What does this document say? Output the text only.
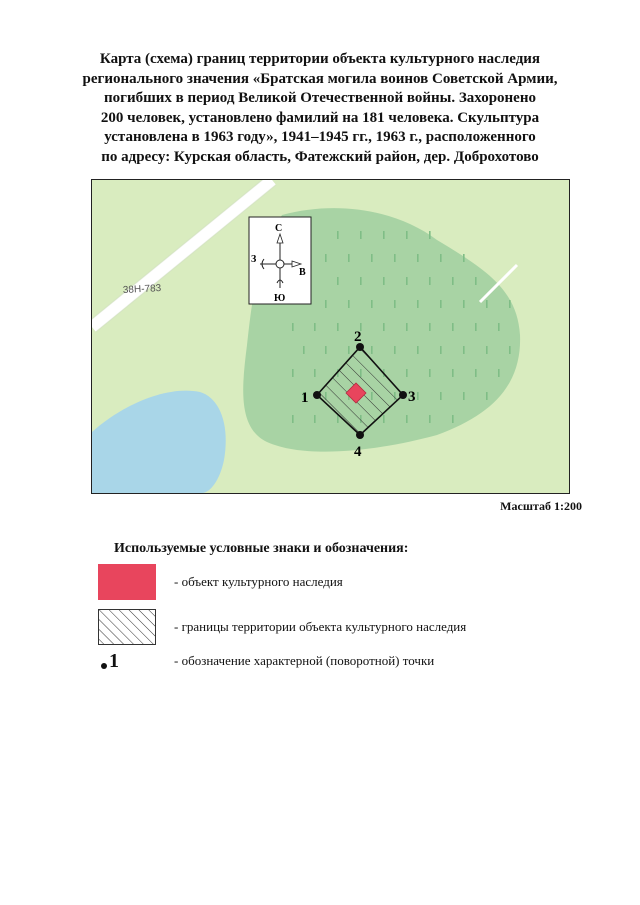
Карта (схема) границ территории объекта культурного наследия
регионального значения «Братская могила воинов Советской Армии,
погибших в период Великой Отечественной войны. Захоронено
200 человек, установлено фамилий на 181 человека. Скульптура
установлена в 1963 году», 1941–1945 гг., 1963 г., расположенного
по адресу: Курская область, Фатежский район, дер. Доброхотово
38Н-783
С
Ю
З
В
1
2
3
4
Масштаб 1:200
Используемые условные знаки и обозначения:
- объект культурного наследия
- границы территории объекта культурного наследия
1	- обозначение характерной (поворотной) точки
